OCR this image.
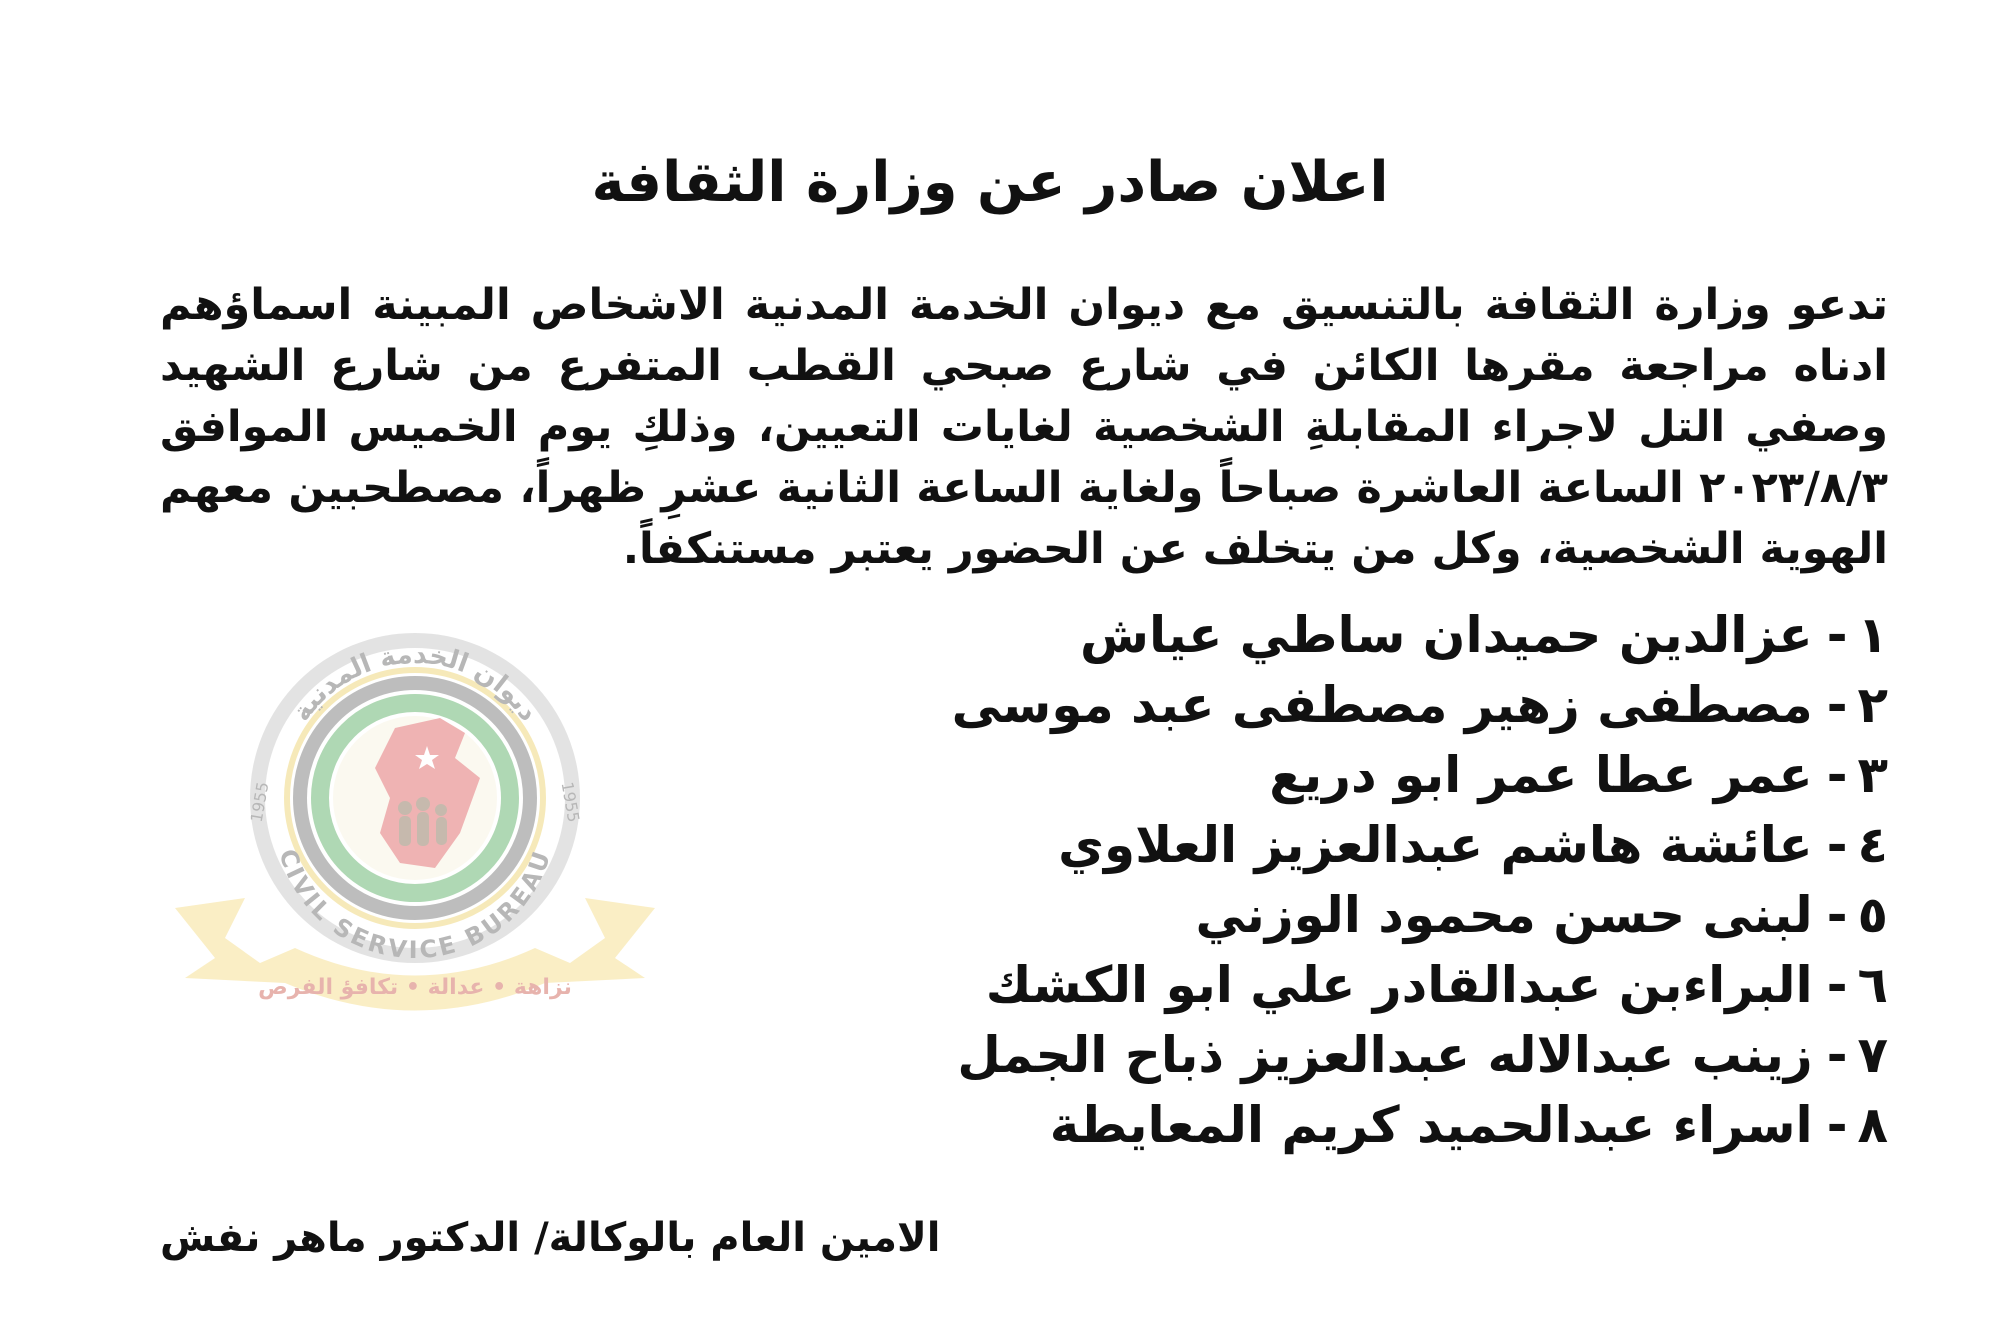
اعلان صادر عن وزارة الثقافة

تدعو وزارة الثقافة بالتنسيق مع ديوان الخدمة المدنية الاشخاص المبينة اسماؤهم ادناه مراجعة مقرها الكائن في شارع صبحي القطب المتفرع من شارع الشهيد وصفي التل لاجراء المقابلةِ الشخصية لغايات التعيين، وذلكِ يوم الخميس الموافق ٢٠٢٣/٨/٣ الساعة العاشرة صباحاً ولغاية الساعة الثانية عشرِ ظهراً، مصطحبين معهم الهوية الشخصية، وكل من يتخلف عن الحضور يعتبر مستنكفاً.

١-عزالدين حميدان ساطي عياش
٢-مصطفى زهير مصطفى عبد موسى
٣-عمر عطا عمر ابو دريع
٤-عائشة هاشم عبدالعزيز العلاوي
٥-لبنى حسن محمود الوزني
٦-البراءبن عبدالقادر علي ابو الكشك
٧-زينب عبدالاله عبدالعزيز ذباح الجمل
٨-اسراء عبدالحميد كريم المعايطة

الامين العام بالوكالة/ الدكتور ماهر نفش

ديوان الخدمة المدنية
CIVIL SERVICE BUREAU
1955	1955
نزاهة • عدالة • تكافؤ الفرص
